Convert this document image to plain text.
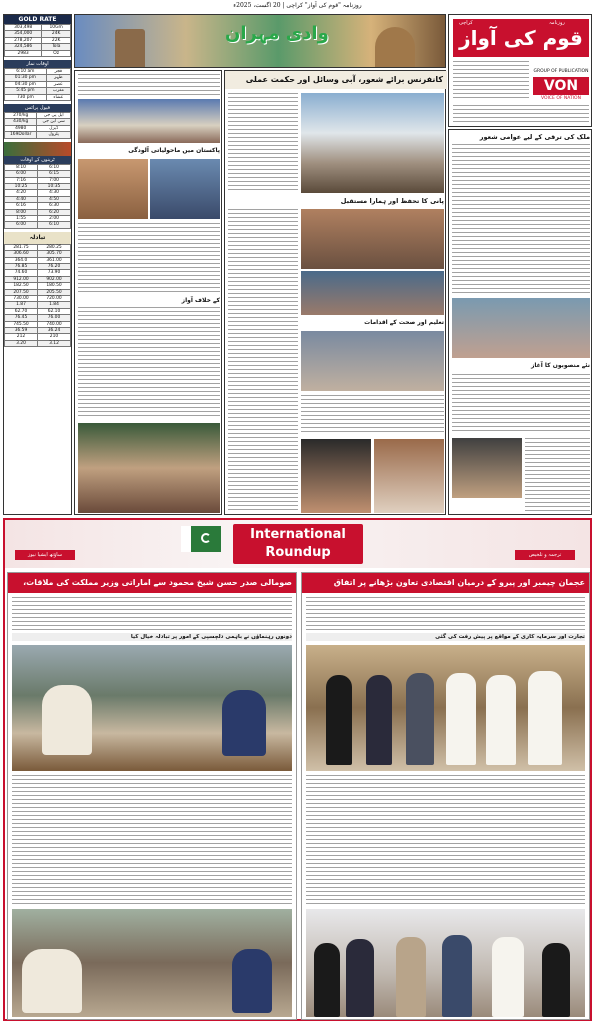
روزنامہ "قوم کی آواز" کراچی | 20 اگست، 2025ء
GOLD RATE
303,498	10Gm
354,000	24K
278,207	22K
324,586	Tola
2983	Oz
اوقات نماز
6:10 am	فجر
01:30 pm	ظہر
04:30 pm	عصر
5:45 pm	مغرب
730 pm	عشاء
فیول پرائس
270/kg	ایل پی جی
430/kg	سی این جی
4980	ڈیزل
169Dollar	پٹرول
ٹرینوں کے اوقات
8:10	6:10
6:00	6:15
7:16	7:00
10:25	10:35
4:20	4:30
4:40	4:50
6:16	6:30
8:00	6:20
1:55	2:00
6:00	6:10
تبادلہ
281.75	280.25
306.60	305.70
364.0	361.00
76.85	76.20
74.60	73.90
912.00	902.00
182.50	180.50
207.50	205.50
730.00	720.00
1.87	1.84
62.70	62.10
76.45	76.00
745.50	740.00
36.59	36.24
212	210
3.20	3.12
وادی مہران	قوم کی آواز
روزنامہ
کراچی
VON
VOICE OF NATION
GROUP OF PUBLICATION
پاکستان میں ماحولیاتی آلودگی
کے خلاف آواز
کانفرنس برائے شعور، آبی وسائل اور حکمت عملی
پانی کا تحفظ اور ہمارا مستقبل
تعلیم اور صحت کے اقدامات
ملک کی ترقی کے لیے عوامی شعور
نئے منصوبوں کا آغاز
International
Roundup
ساؤتھ ایشیا نیوز	ترجمہ و تلخیص
صومالی صدر حسن شیخ محمود سے اماراتی وزیر مملکت کی ملاقات،
دونوں رہنماؤں نے باہمی دلچسپی کے امور پر تبادلہ خیال کیا
عجمان چیمبر اور پیرو کے درمیان اقتصادی تعاون بڑھانے پر اتفاق
تجارت اور سرمایہ کاری کے مواقع پر پیش رفت کی گئی
